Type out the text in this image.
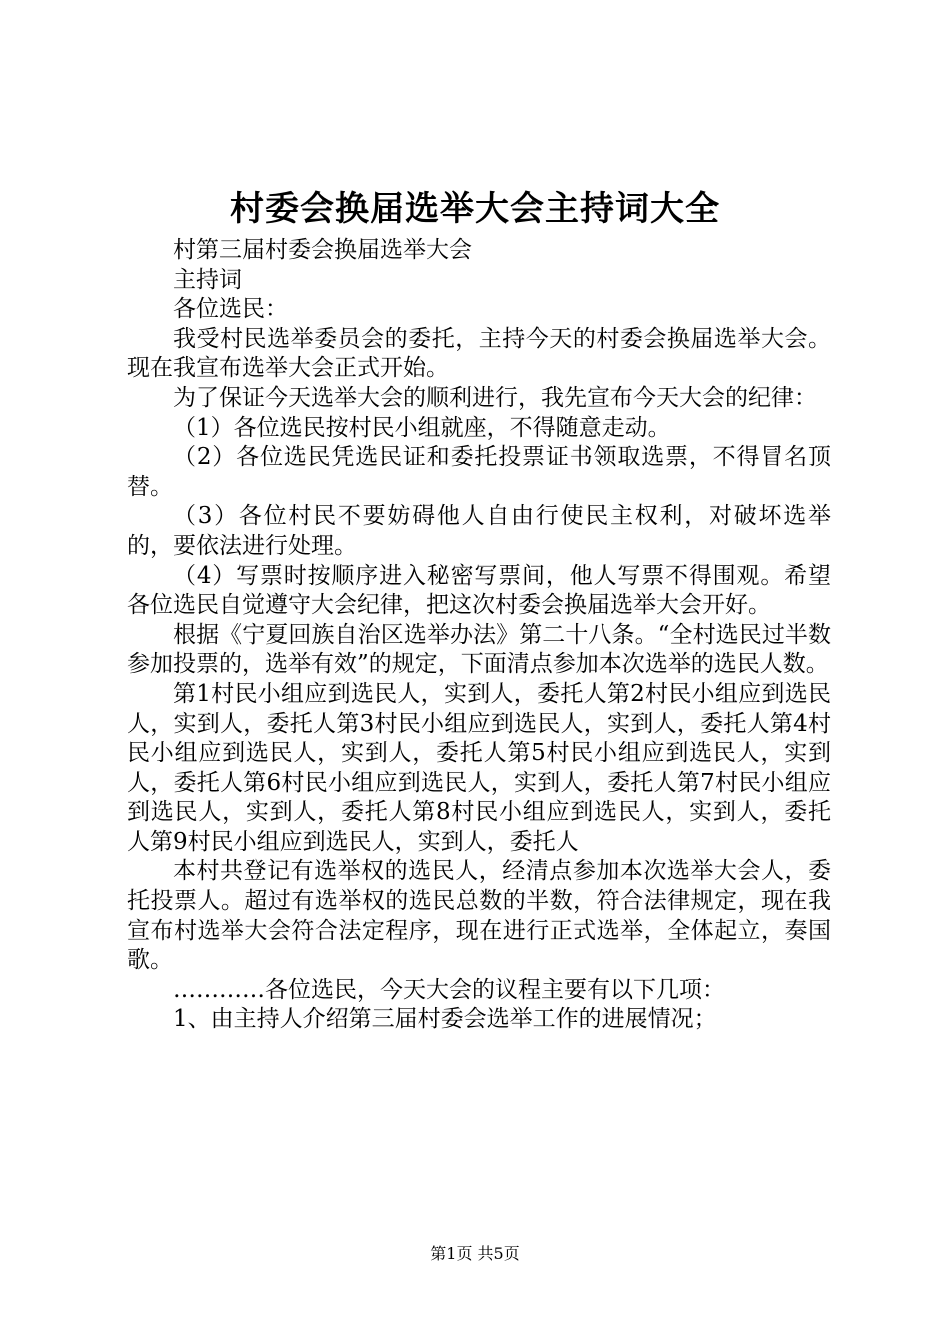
村委会换届选举大会主持词大全

村第三届村委会换届选举大会

主持词

各位选民：

我受村民选举委员会的委托，主持今天的村委会换届选举大会。现在我宣布选举大会正式开始。

为了保证今天选举大会的顺利进行，我先宣布今天大会的纪律：

（1）各位选民按村民小组就座，不得随意走动。

（2）各位选民凭选民证和委托投票证书领取选票，不得冒名顶替。

（3）各位村民不要妨碍他人自由行使民主权利，对破坏选举的，要依法进行处理。

（4）写票时按顺序进入秘密写票间，他人写票不得围观。希望各位选民自觉遵守大会纪律，把这次村委会换届选举大会开好。

根据《宁夏回族自治区选举办法》第二十八条。“全村选民过半数参加投票的，选举有效”的规定，下面清点参加本次选举的选民人数。

第1村民小组应到选民人，实到人，委托人第2村民小组应到选民人，实到人，委托人第3村民小组应到选民人，实到人，委托人第4村民小组应到选民人，实到人，委托人第5村民小组应到选民人，实到人，委托人第6村民小组应到选民人，实到人，委托人第7村民小组应到选民人，实到人，委托人第8村民小组应到选民人，实到人，委托人第9村民小组应到选民人，实到人，委托人

本村共登记有选举权的选民人，经清点参加本次选举大会人，委托投票人。超过有选举权的选民总数的半数，符合法律规定，现在我宣布村选举大会符合法定程序，现在进行正式选举，全体起立，奏国歌。

…………各位选民，今天大会的议程主要有以下几项：

1、由主持人介绍第三届村委会选举工作的进展情况；

第1页 共5页
